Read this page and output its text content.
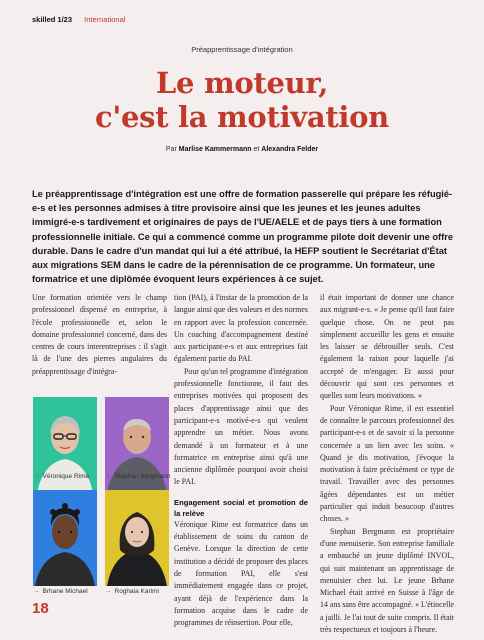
skilled 1/23 International
Préapprentissage d'intégration
Le moteur,
c'est la motivation
Par Marlise Kammermann et Alexandra Felder
Le préapprentissage d'intégration est une offre de formation passerelle qui prépare les réfugié-e-s et les personnes admises à titre provisoire ainsi que les jeunes et les jeunes adultes immigré-e-s tardivement et originaires de pays de l'UE/AELE et de pays tiers à une formation professionnelle initiale. Ce qui a commencé comme un programme pilote doit devenir une offre durable. Dans le cadre d'un mandat qui lui a été attribué, la HEFP soutient le Secrétariat d'État aux migrations SEM dans le cadre de la pérennisation de ce programme. Un formateur, une formatrice et une diplômée évoquent leurs expériences à ce sujet.

Une formation orientée vers le champ professionnel dispensé en entreprise, à l'école professionnelle et, selon le domaine professionnel concerné, dans des centres de cours interentreprises : il s'agit là de l'une des pierres angulaires du préapprentissage d'intégra-

tion (PAI), à l'instar de la promotion de la langue ainsi que des valeurs et des normes en rapport avec la profession concernée. Un coaching d'accompagnement destiné aux participant-e-s et aux entreprises fait également partie du PAI.

Pour qu'un tel programme d'intégration professionnelle fonctionne, il faut des entreprises motivées qui proposent des places d'apprentissage ainsi que des participant-e-s motivé-e-s qui veulent apprendre un métier. Nous avons demandé à un formateur et à une formatrice en entreprise ainsi qu'à une ancienne diplômée pourquoi avoir choisi le PAI.

Engagement social et promotion de la relève

Véronique Rime est formatrice dans un établissement de soins du canton de Genève. Lorsque la direction de cette institution a décidé de proposer des places de formation PAI, elle s'est immédiatement engagée dans ce projet, ayant déjà de l'expérience dans la formation acquise dans le cadre de programmes de réinsertion. Pour elle,

il était important de donner une chance aux migrant-e-s. « Je pense qu'il faut faire quelque chose. On ne peut pas simplement accueillir les gens et ensuite les laisser se débrouiller seuls. C'est également la raison pour laquelle j'ai accepté de m'engager. Et aussi pour découvrir qui sont ces personnes et quelles sont leurs motivations. »

Pour Véronique Rime, il est essentiel de connaître le parcours professionnel des participant-e-s et de savoir si la personne concernée a un lien avec les soins. « Quand je dis motivation, j'évoque la motivation à faire précisément ce type de travail. Travailler avec des personnes âgées dépendantes est un métier particulier qui induit beaucoup d'autres choses. »

Stephan Bergmann est propriétaire d'une menuiserie. Son entreprise familiale a embauché un jeune diplômé INVOL, qui suit maintenant un apprentissage de menuisier chez lui. Le jeune Brhane Michael était arrivé en Suisse à l'âge de 14 ans sans être accompagné. « L'étincelle a jailli. Je l'ai tout de suite compris. Il était très respectueux et toujours à l'heure.

→ Véronique Rime → Stephan Bergmann
→ Brhane Michael	→ Roghaia Karimi
18
